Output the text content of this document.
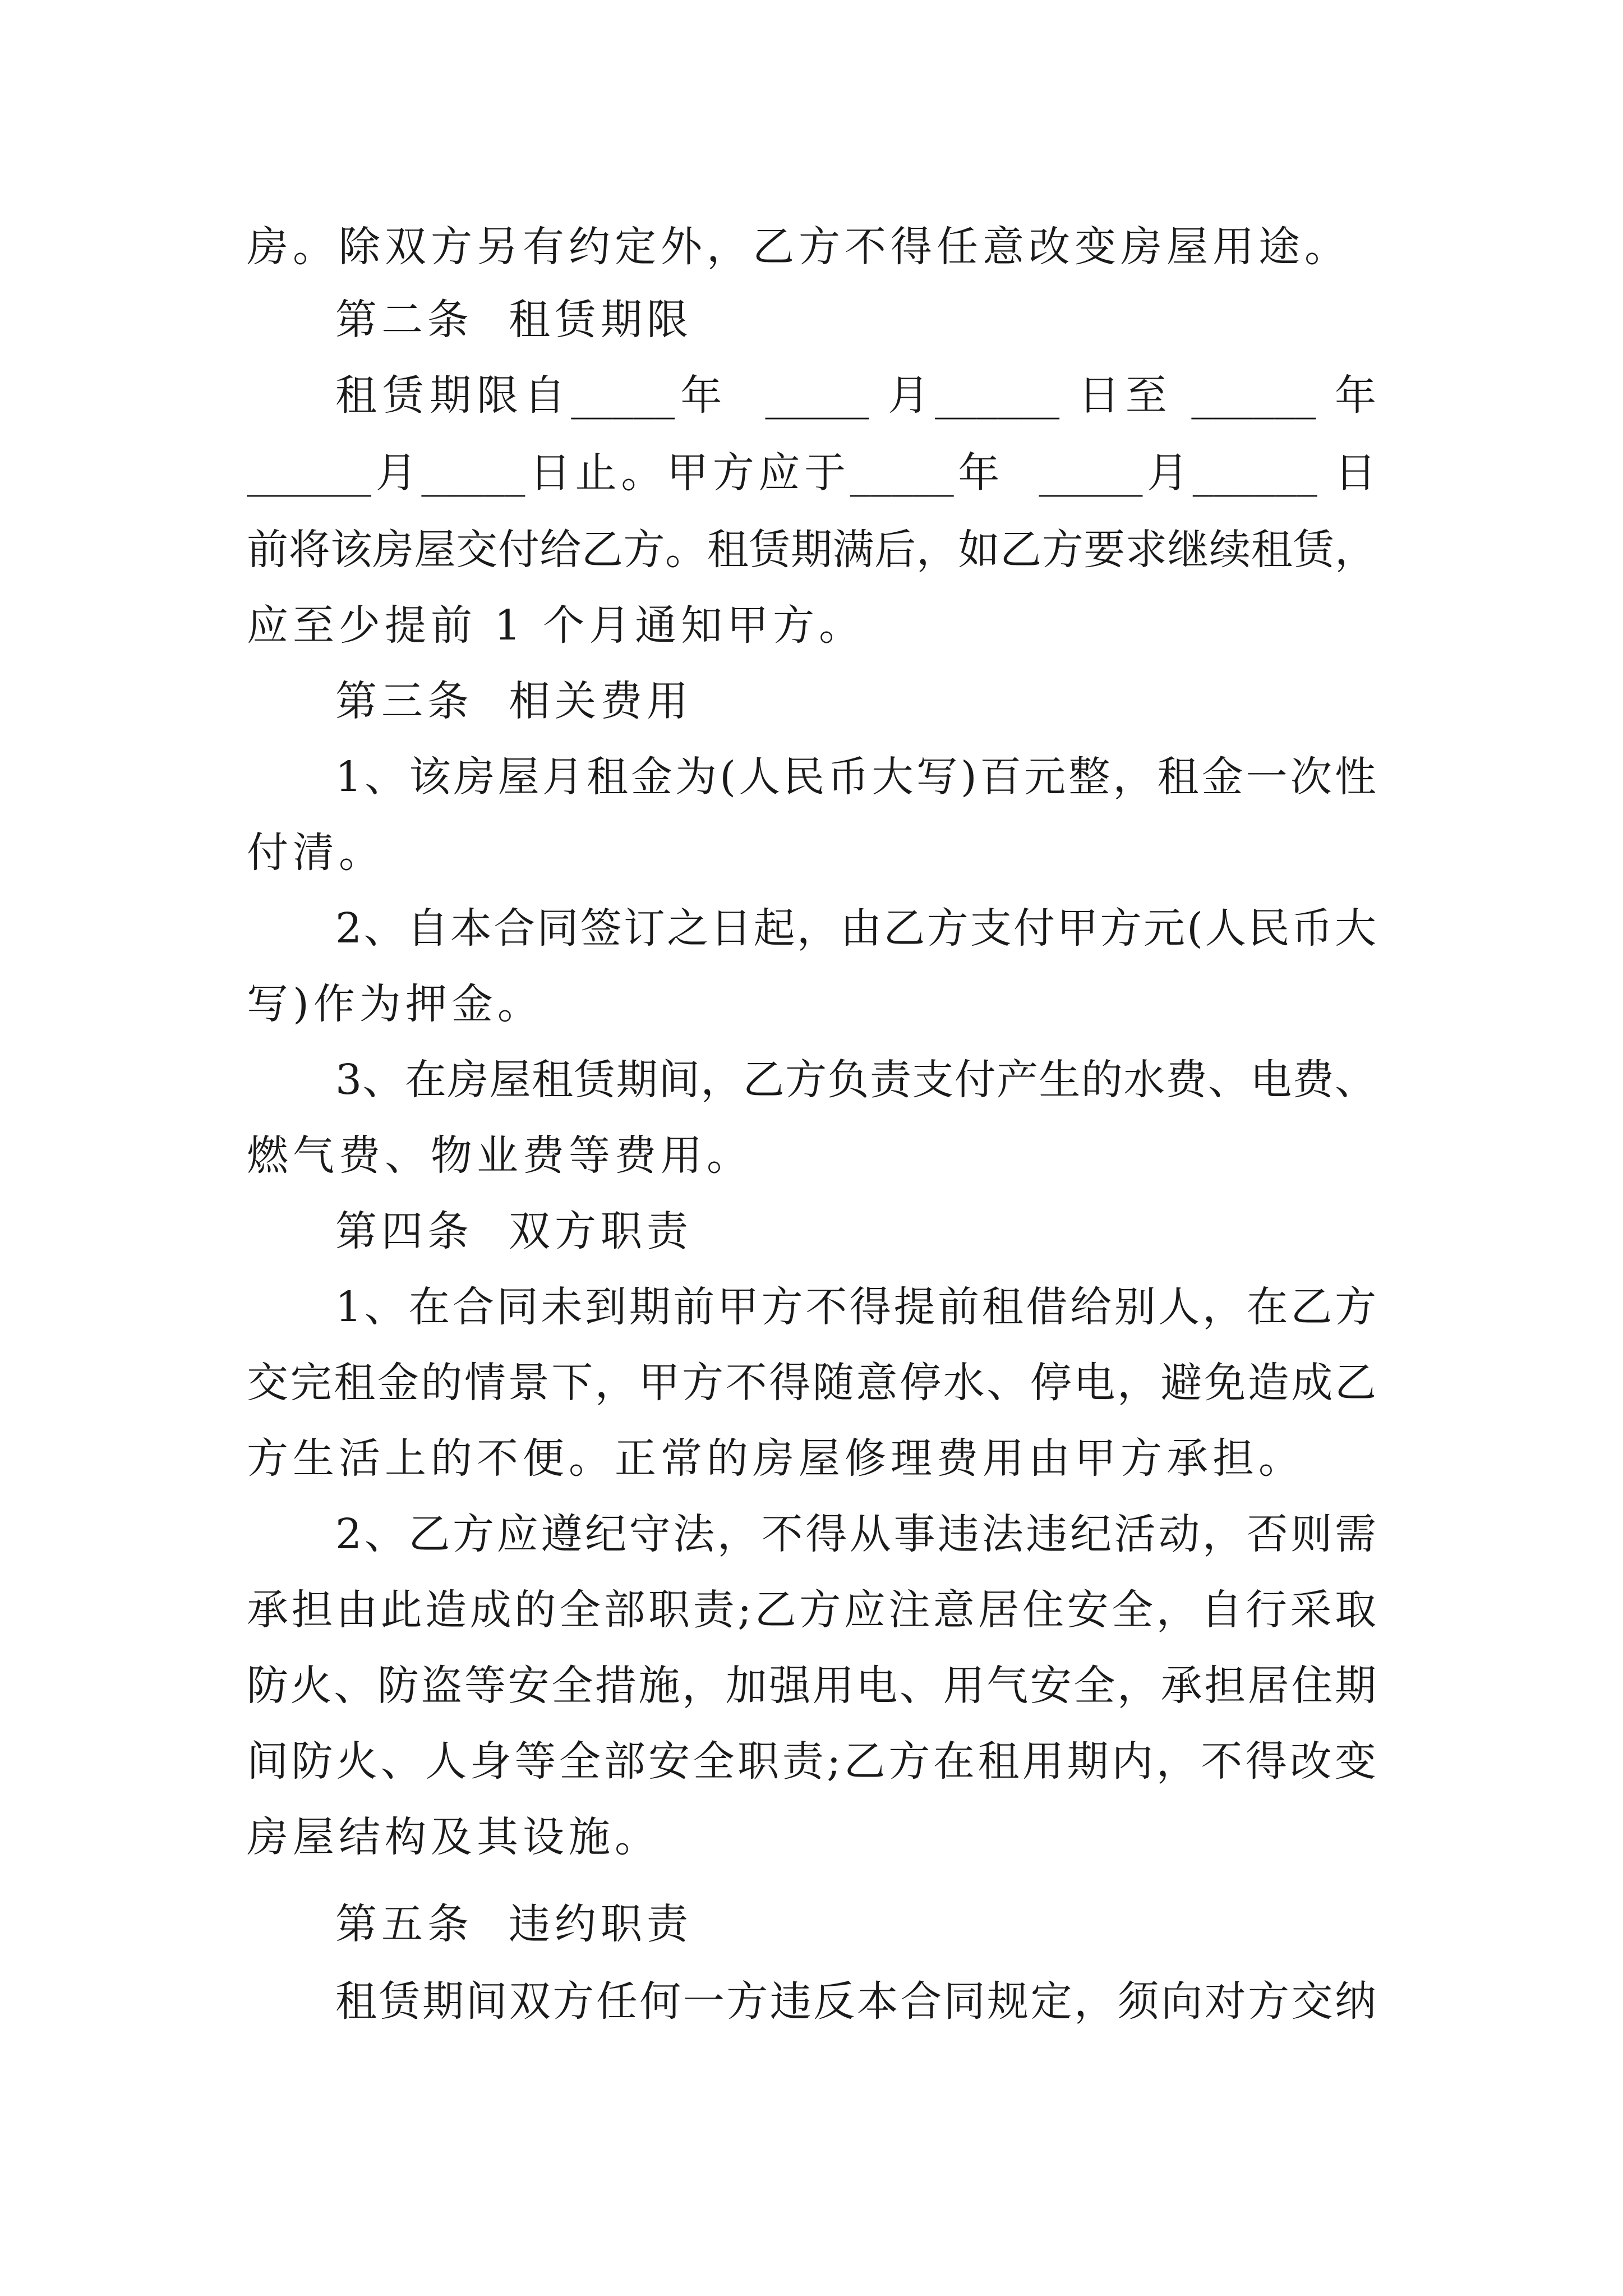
房。除双方另有约定外，乙方不得任意改变房屋用途。
第二条  租赁期限
租赁期限自_____年  _____ 月______ 日至 ______ 年
______月_____日止。甲方应于_____年  _____月______ 日
前将该房屋交付给乙方。租赁期满后，如乙方要求继续租赁，
应至少提前 1 个月通知甲方。
第三条  相关费用
1、该房屋月租金为(人民币大写)百元整，租金一次性
付清。
2、自本合同签订之日起，由乙方支付甲方元(人民币大
写)作为押金。
3、在房屋租赁期间，乙方负责支付产生的水费、电费、
燃气费、物业费等费用。
第四条  双方职责
1、在合同未到期前甲方不得提前租借给别人，在乙方
交完租金的情景下，甲方不得随意停水、停电，避免造成乙
方生活上的不便。正常的房屋修理费用由甲方承担。
2、乙方应遵纪守法，不得从事违法违纪活动，否则需
承担由此造成的全部职责;乙方应注意居住安全，自行采取
防火、防盗等安全措施，加强用电、用气安全，承担居住期
间防火、人身等全部安全职责;乙方在租用期内，不得改变
房屋结构及其设施。
第五条  违约职责
租赁期间双方任何一方违反本合同规定，须向对方交纳
